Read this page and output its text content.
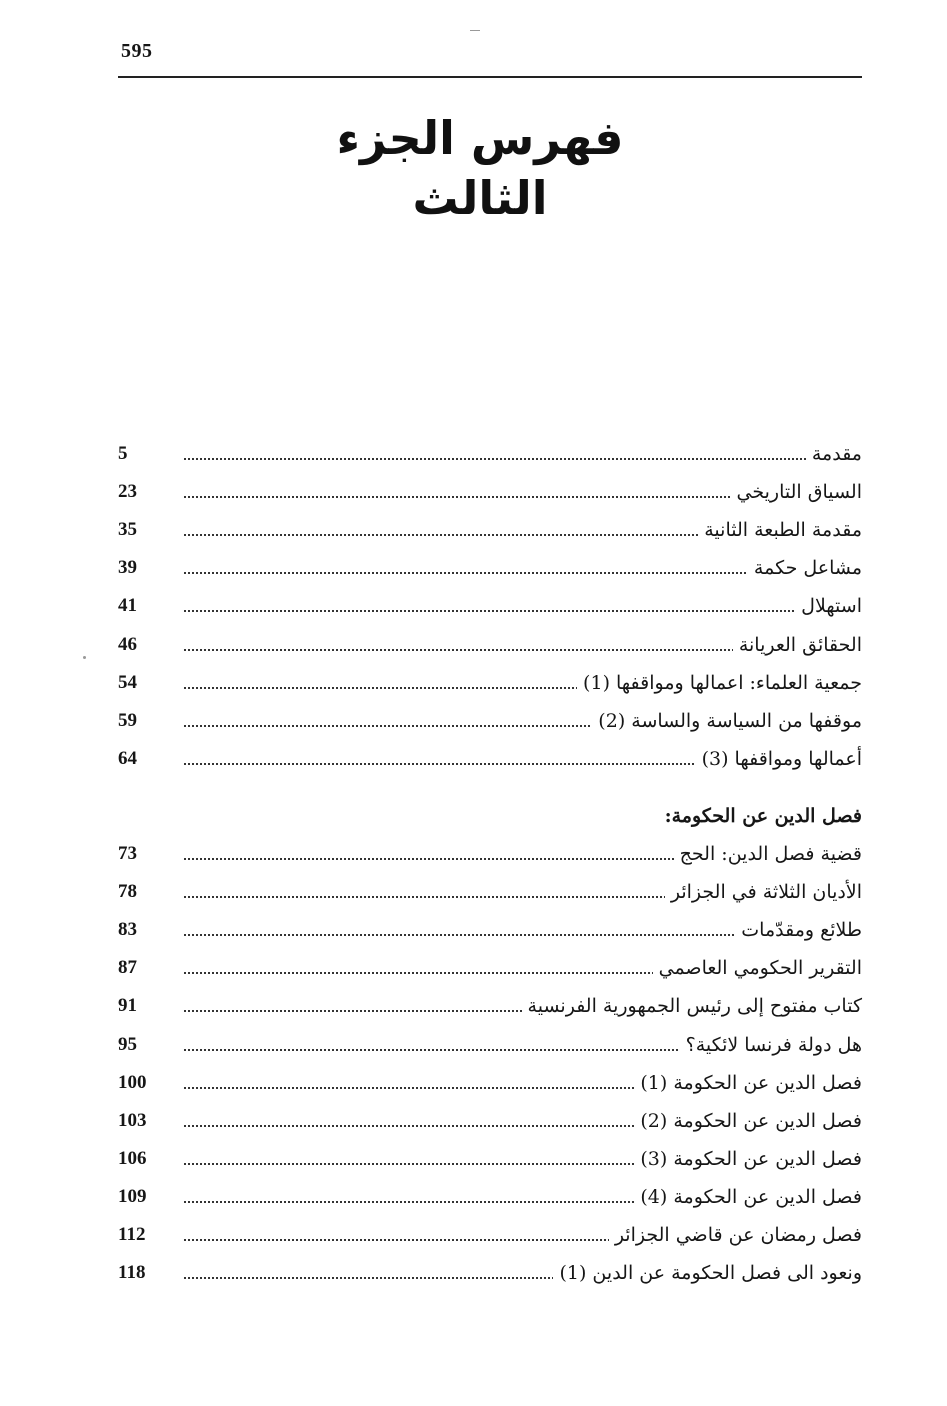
595
فهرس الجزء الثالث
5	مقدمة
23	السياق التاريخي
35	مقدمة الطبعة الثانية
39	مشاعل حكمة
41	استهلال
46	الحقائق العريانة
54	جمعية العلماء: اعمالها ومواقفها (1)
59	موقفها من السياسة والساسة (2)
64	أعمالها ومواقفها (3)
فصل الدين عن الحكومة:
73	قضية فصل الدين: الحج
78	الأديان الثلاثة في الجزائر
83	طلائع ومقدّمات
87	التقرير الحكومي العاصمي
91	كتاب مفتوح إلى رئيس الجمهورية الفرنسية
95	هل دولة فرنسا لائكية؟
100	فصل الدين عن الحكومة (1)
103	فصل الدين عن الحكومة (2)
106	فصل الدين عن الحكومة (3)
109	فصل الدين عن الحكومة (4)
112	فصل رمضان عن قاضي الجزائر
118	ونعود الى فصل الحكومة عن الدين (1)
